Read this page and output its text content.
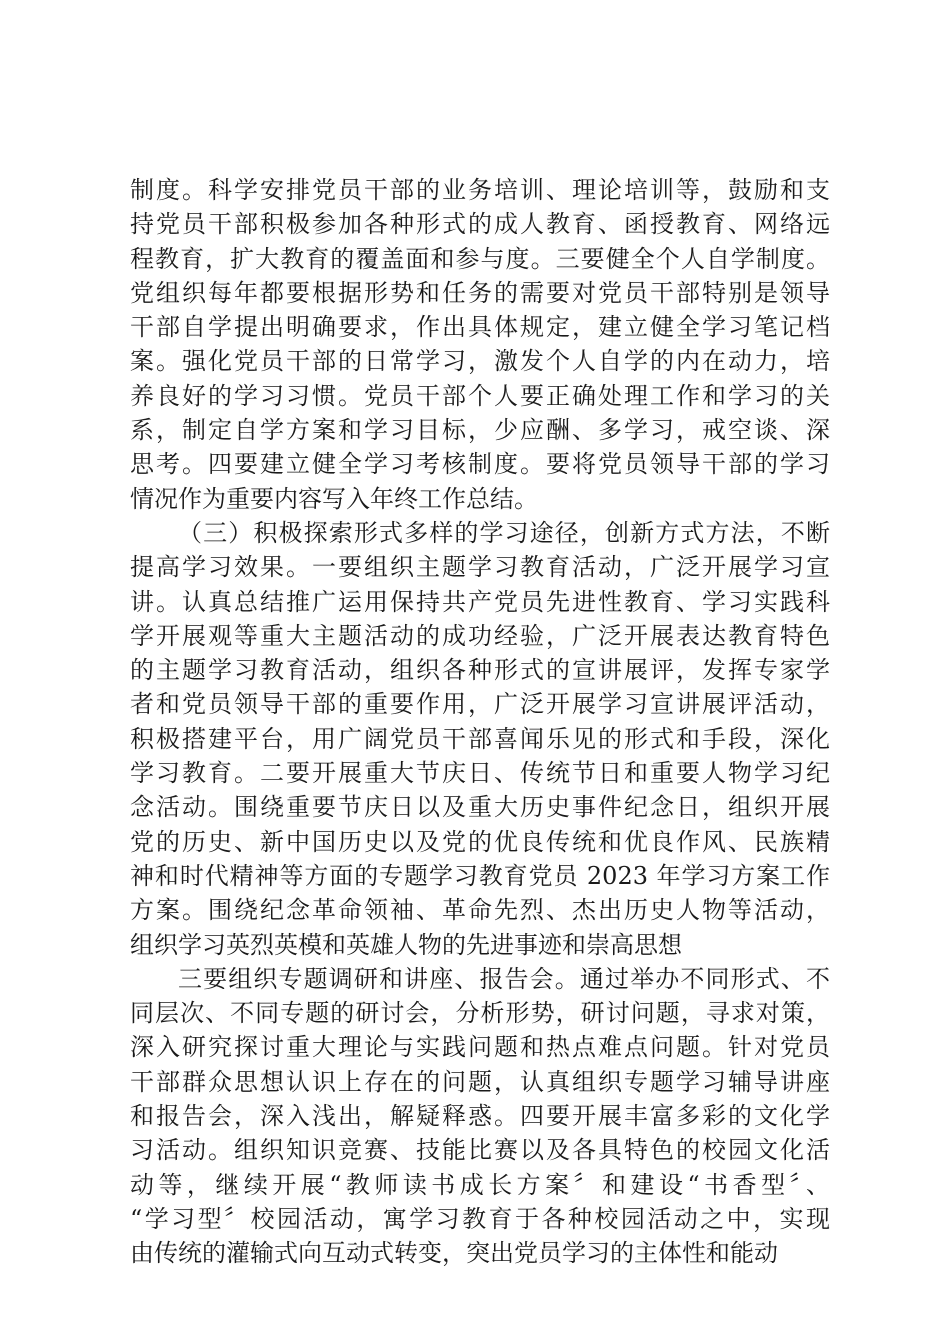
制度。科学安排党员干部的业务培训、理论培训等，鼓励和支
持党员干部积极参加各种形式的成人教育、函授教育、网络远
程教育，扩大教育的覆盖面和参与度。三要健全个人自学制度。
党组织每年都要根据形势和任务的需要对党员干部特别是领导
干部自学提出明确要求，作出具体规定，建立健全学习笔记档
案。强化党员干部的日常学习，激发个人自学的内在动力，培
养良好的学习习惯。党员干部个人要正确处理工作和学习的关
系，制定自学方案和学习目标，少应酬、多学习，戒空谈、深
思考。四要建立健全学习考核制度。要将党员领导干部的学习
情况作为重要内容写入年终工作总结。
（三）积极探索形式多样的学习途径，创新方式方法，不断
提高学习效果。一要组织主题学习教育活动，广泛开展学习宣
讲。认真总结推广运用保持共产党员先进性教育、学习实践科
学开展观等重大主题活动的成功经验，广泛开展表达教育特色
的主题学习教育活动，组织各种形式的宣讲展评，发挥专家学
者和党员领导干部的重要作用，广泛开展学习宣讲展评活动，
积极搭建平台，用广阔党员干部喜闻乐见的形式和手段，深化
学习教育。二要开展重大节庆日、传统节日和重要人物学习纪
念活动。围绕重要节庆日以及重大历史事件纪念日，组织开展
党的历史、新中国历史以及党的优良传统和优良作风、民族精
神和时代精神等方面的专题学习教育党员 2023 年学习方案工作
方案。围绕纪念革命领袖、革命先烈、杰出历史人物等活动，
组织学习英烈英模和英雄人物的先进事迹和崇高思想
三要组织专题调研和讲座、报告会。通过举办不同形式、不
同层次、不同专题的研讨会，分析形势，研讨问题，寻求对策，
深入研究探讨重大理论与实践问题和热点难点问题。针对党员
干部群众思想认识上存在的问题，认真组织专题学习辅导讲座
和报告会，深入浅出，解疑释惑。四要开展丰富多彩的文化学
习活动。组织知识竞赛、技能比赛以及各具特色的校园文化活
动等，继续开展“教师读书成长方案〞和建设“书香型〞、
“学习型〞校园活动，寓学习教育于各种校园活动之中，实现
由传统的灌输式向互动式转变，突出党员学习的主体性和能动
